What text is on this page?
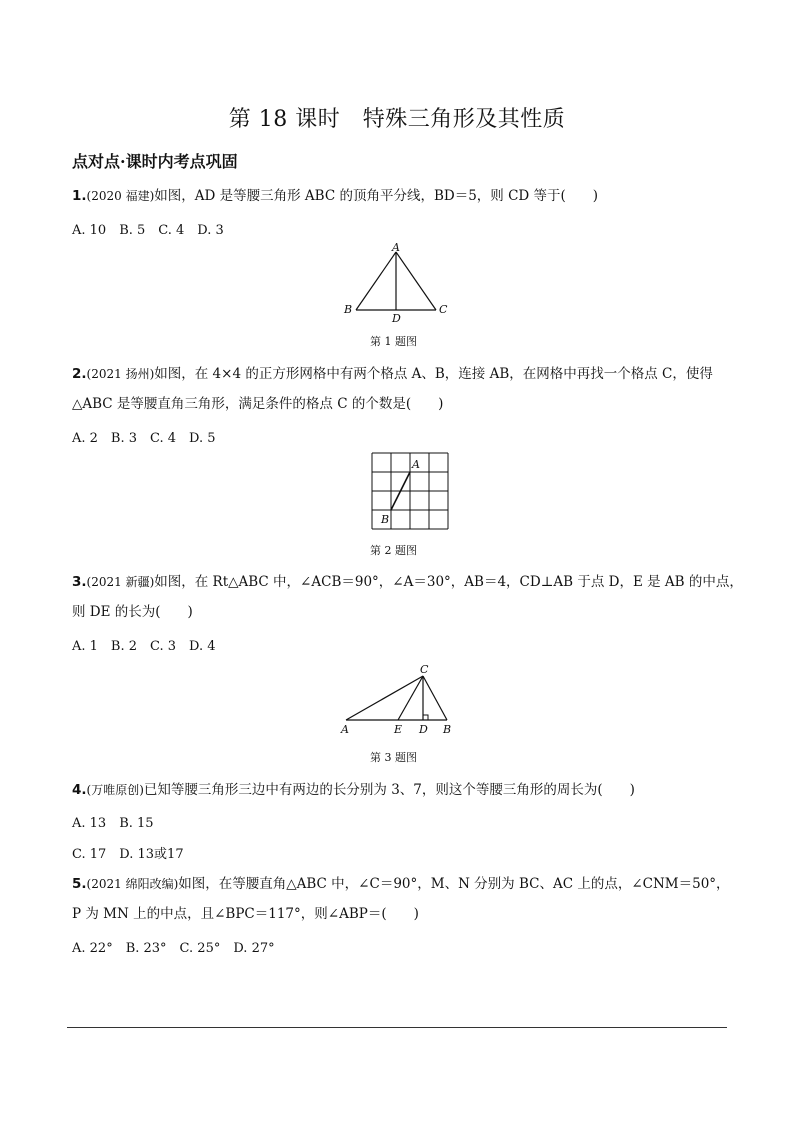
第 18 课时　特殊三角形及其性质
点对点·课时内考点巩固
1.(2020 福建)如图，AD 是等腰三角形 ABC 的顶角平分线，BD＝5，则 CD 等于(　　)
A. 10　B. 5　C. 4　D. 3
A
B
D
C
第 1 题图
2.(2021 扬州)如图，在 4×4 的正方形网格中有两个格点 A、B，连接 AB，在网格中再找一个格点 C，使得
△ABC 是等腰直角三角形，满足条件的格点 C 的个数是(　　)
A. 2　B. 3　C. 4　D. 5
A
B
第 2 题图
3.(2021 新疆)如图，在 Rt△ABC 中，∠ACB＝90°，∠A＝30°，AB＝4，CD⊥AB 于点 D，E 是 AB 的中点，
则 DE 的长为(　　)
A. 1　B. 2　C. 3　D. 4
C
A	E D B
第 3 题图
4.(万唯原创)已知等腰三角形三边中有两边的长分别为 3、7，则这个等腰三角形的周长为(　　)
A. 13　B. 15
C. 17　D. 13或17
5.(2021 绵阳改编)如图，在等腰直角△ABC 中，∠C＝90°，M、N 分别为 BC、AC 上的点，∠CNM＝50°，
P 为 MN 上的中点，且∠BPC＝117°，则∠ABP＝(　　)
A. 22°　B. 23°　C. 25°　D. 27°
